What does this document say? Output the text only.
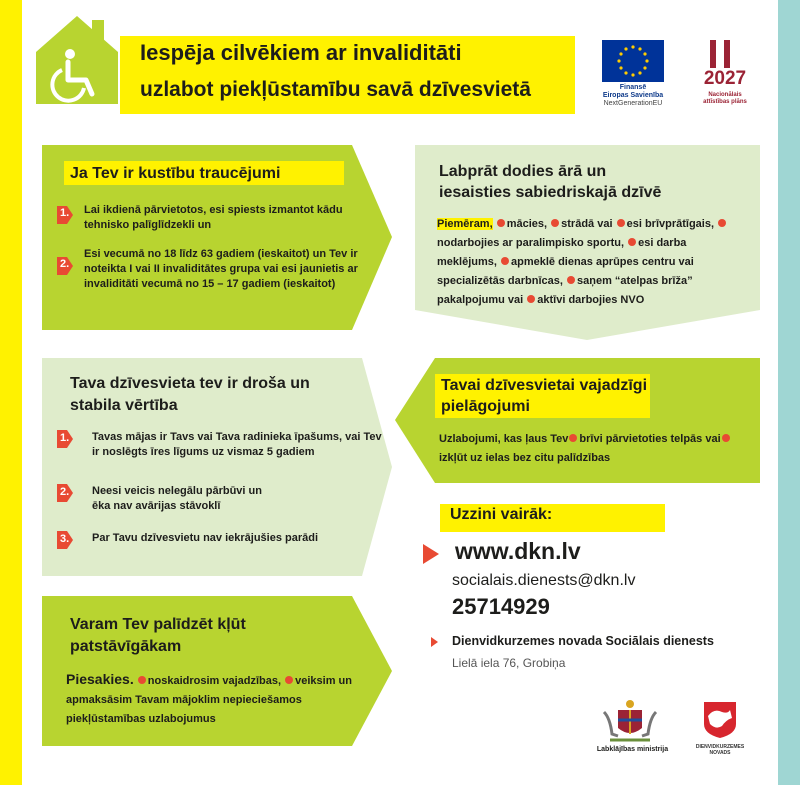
Iespēja cilvēkiem ar invaliditāti
uzlabot piekļūstamību savā dzīvesvietā	Finansē
Eiropas Savienība
NextGenerationEU
2027
Nacionālais
attīstības plāns
Ja Tev ir kustību traucējumi
1. Lai ikdienā pārvietotos, esi spiests izmantot kādu tehnisko palīglīdzekli un
2.
Esi vecumā no 18 līdz 63 gadiem (ieskaitot) un Tev ir noteikta I vai II invaliditātes grupa vai esi jaunietis ar invaliditāti vecumā no 15 – 17 gadiem (ieskaitot)
Labprāt dodies ārā un
iesaisties sabiedriskajā dzīvē
Piemēram, mācies, strādā vai esi brīvprātīgais, nodarbojies ar paralimpisko sportu, esi darba meklējums, apmeklē dienas aprūpes centru vai specializētās darbnīcas, saņem “atelpas brīža” pakalpojumu vai aktīvi darbojies NVO
Tava dzīvesvieta tev ir droša un
stabila vērtība
1. Tavas mājas ir Tavs vai Tava radinieka īpašums, vai Tev ir noslēgts īres līgums uz vismaz 5 gadiem
2. Neesi veicis nelegālu pārbūvi un ēka nav avārijas stāvoklī
3. Par Tavu dzīvesvietu nav iekrājušies parādi
Tavai dzīvesvietai vajadzīgi
pielāgojumi
Uzlabojumi, kas ļaus Tev brīvi pārvietoties telpās vaiizkļūt uz ielas bez citu palīdzības
Varam Tev palīdzēt kļūt
patstāvīgākam
Piesakies. noskaidrosim vajadzības, veiksim un apmaksāsim Tavam mājoklim nepieciešamos piekļūstamības uzlabojumus
Uzzini vairāk:
www.dkn.lv
socialais.dienests@dkn.lv
25714929
Dienvidkurzemes novada Sociālais dienests
Lielā iela 76, Grobiņa
Labklājības ministrija	DIENVIDKURZEMES
NOVADS
